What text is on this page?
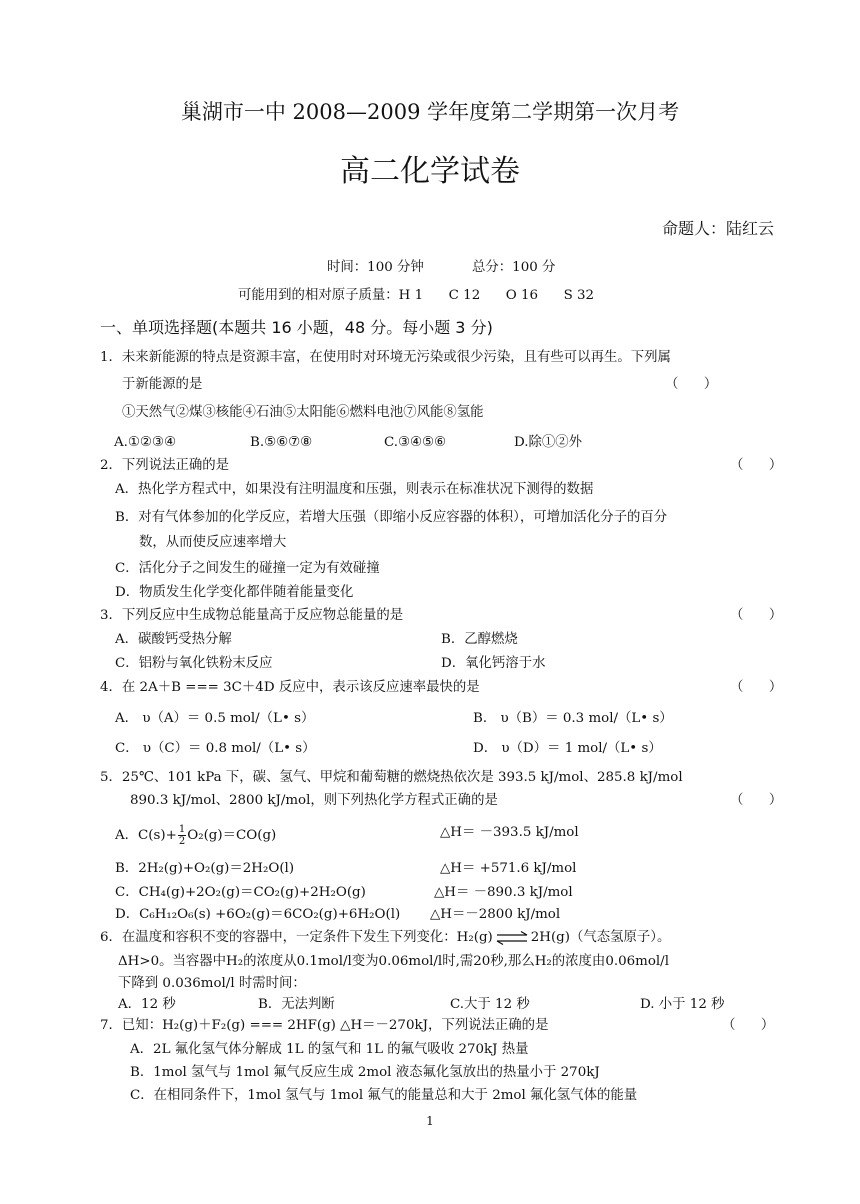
巢湖市一中 2008—2009 学年度第二学期第一次月考
高二化学试卷
命题人：陆红云
时间：100 分钟	总分：100 分
可能用到的相对原子质量：H 1      C 12      O 16      S 32
一、单项选择题(本题共 16 小题，48 分。每小题 3 分)
1．未来新能源的特点是资源丰富，在使用时对环境无污染或很少污染，且有些可以再生。下列属
于新能源的是	（      ）
①天然气②煤③核能④石油⑤太阳能⑥燃料电池⑦风能⑧氢能
A.①②③④	B.⑤⑥⑦⑧	C.③④⑤⑥	D.除①②外
2．下列说法正确的是	（      ）
A．热化学方程式中，如果没有注明温度和压强，则表示在标准状况下测得的数据
B．对有气体参加的化学反应，若增大压强（即缩小反应容器的体积），可增加活化分子的百分
数，从而使反应速率增大
C．活化分子之间发生的碰撞一定为有效碰撞
D．物质发生化学变化都伴随着能量变化
3．下列反应中生成物总能量高于反应物总能量的是	（      ）
A．碳酸钙受热分解	B．乙醇燃烧
C．铝粉与氧化铁粉末反应	D．氧化钙溶于水
4．在 2A＋B === 3C＋4D 反应中，表示该反应速率最快的是	（      ）
A． υ（A）＝ 0.5 mol/（L• s）	B． υ（B）＝ 0.3 mol/（L• s）
C． υ（C）＝ 0.8 mol/（L• s）	D． υ（D）＝ 1 mol/（L• s）
5．25℃、101 kPa 下，碳、氢气、甲烷和葡萄糖的燃烧热依次是 393.5 kJ/mol、285.8 kJ/mol
890.3 kJ/mol、2800 kJ/mol，则下列热化学方程式正确的是	（      ）
A．$C(s)+ \frac{1}{2} O_2(g)=CO(g)$	△H＝ －393.5 kJ/mol
B．2H₂(g)+O₂(g)＝2H₂O(l)	△H＝ +571.6 kJ/mol
C．CH₄(g)+2O₂(g)＝CO₂(g)+2H₂O(g)	△H＝ －890.3 kJ/mol
D．C₆H₁₂O₆(s) +6O₂(g)＝6CO₂(g)+6H₂O(l) △H＝－2800 kJ/mol
6．在温度和容积不变的容器中，一定条件下发生下列变化：H₂(g) ⇌ 2H(g)（气态氢原子）。
ΔH>0。当容器中H₂的浓度从0.1mol/l变为0.06mol/l时,需20秒,那么H₂的浓度由0.06mol/l
下降到 0.036mol/l 时需时间：
A．12 秒	B．无法判断	C.大于 12 秒	D. 小于 12 秒
7．已知：H₂(g)＋F₂(g) === 2HF(g) △H＝－270kJ，下列说法正确的是	（      ）
A．2L 氟化氢气体分解成 1L 的氢气和 1L 的氟气吸收 270kJ 热量
B．1mol 氢气与 1mol 氟气反应生成 2mol 液态氟化氢放出的热量小于 270kJ
C．在相同条件下，1mol 氢气与 1mol 氟气的能量总和大于 2mol 氟化氢气体的能量
1
